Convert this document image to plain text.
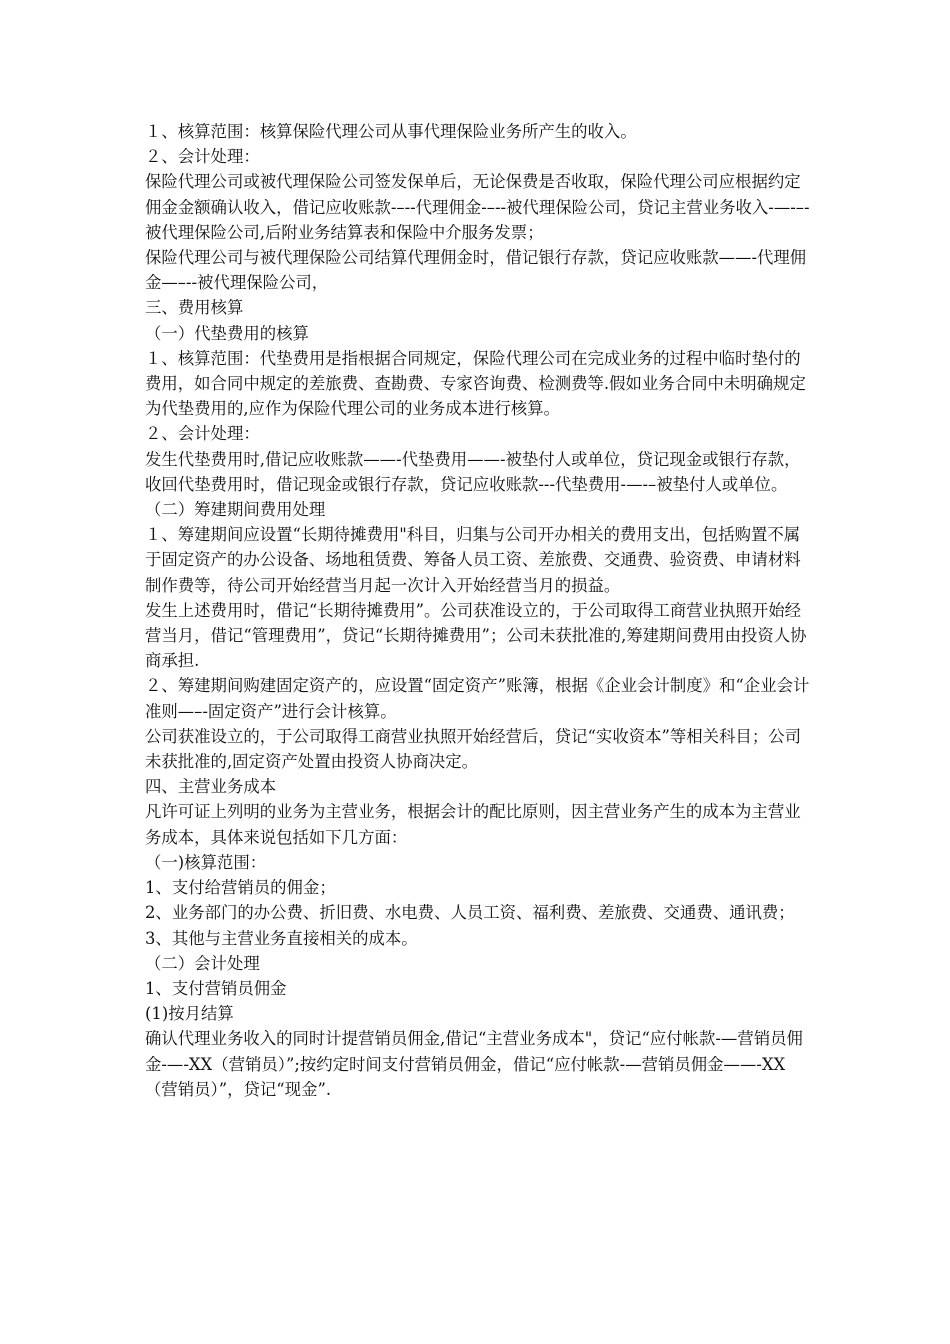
１、核算范围：核算保险代理公司从事代理保险业务所产生的收入。

２、会计处理：

保险代理公司或被代理保险公司签发保单后，无论保费是否收取，保险代理公司应根据约定佣金金额确认收入，借记应收账款-–--代理佣金-–--被代理保险公司，贷记主营业务收入-—-–-被代理保险公司,后附业务结算表和保险中介服务发票；

保险代理公司与被代理保险公司结算代理佣金时，借记银行存款，贷记应收账款——-代理佣金—–--被代理保险公司，

三、费用核算

（一）代垫费用的核算

１、核算范围：代垫费用是指根据合同规定，保险代理公司在完成业务的过程中临时垫付的费用，如合同中规定的差旅费、查勘费、专家咨询费、检测费等.假如业务合同中未明确规定为代垫费用的,应作为保险代理公司的业务成本进行核算。

２、会计处理：

发生代垫费用时,借记应收账款——-代垫费用——-被垫付人或单位，贷记现金或银行存款，收回代垫费用时，借记现金或银行存款，贷记应收账款---代垫费用-—-–被垫付人或单位。

（二）筹建期间费用处理

１、筹建期间应设置“长期待摊费用"科目，归集与公司开办相关的费用支出，包括购置不属于固定资产的办公设备、场地租赁费、筹备人员工资、差旅费、交通费、验资费、申请材料制作费等，待公司开始经营当月起一次计入开始经营当月的损益。

发生上述费用时，借记“长期待摊费用”。公司获准设立的，于公司取得工商营业执照开始经营当月，借记“管理费用”，贷记“长期待摊费用”；公司未获批准的,筹建期间费用由投资人协商承担.

２、筹建期间购建固定资产的，应设置“固定资产”账簿，根据《企业会计制度》和“企业会计准则—–-固定资产”进行会计核算。

公司获准设立的，于公司取得工商营业执照开始经营后，贷记“实收资本”等相关科目；公司未获批准的,固定资产处置由投资人协商决定。

四、主营业务成本

凡许可证上列明的业务为主营业务，根据会计的配比原则，因主营业务产生的成本为主营业务成本，具体来说包括如下几方面：

（一)核算范围：

1、支付给营销员的佣金；

2、业务部门的办公费、折旧费、水电费、人员工资、福利费、差旅费、交通费、通讯费；

3、其他与主营业务直接相关的成本。

（二）会计处理

1、支付营销员佣金

(1)按月结算

确认代理业务收入的同时计提营销员佣金,借记“主营业务成本"，贷记“应付帐款-—营销员佣金-—-XX（营销员）”;按约定时间支付营销员佣金，借记“应付帐款-—营销员佣金——-XX（营销员）”，贷记“现金”.
